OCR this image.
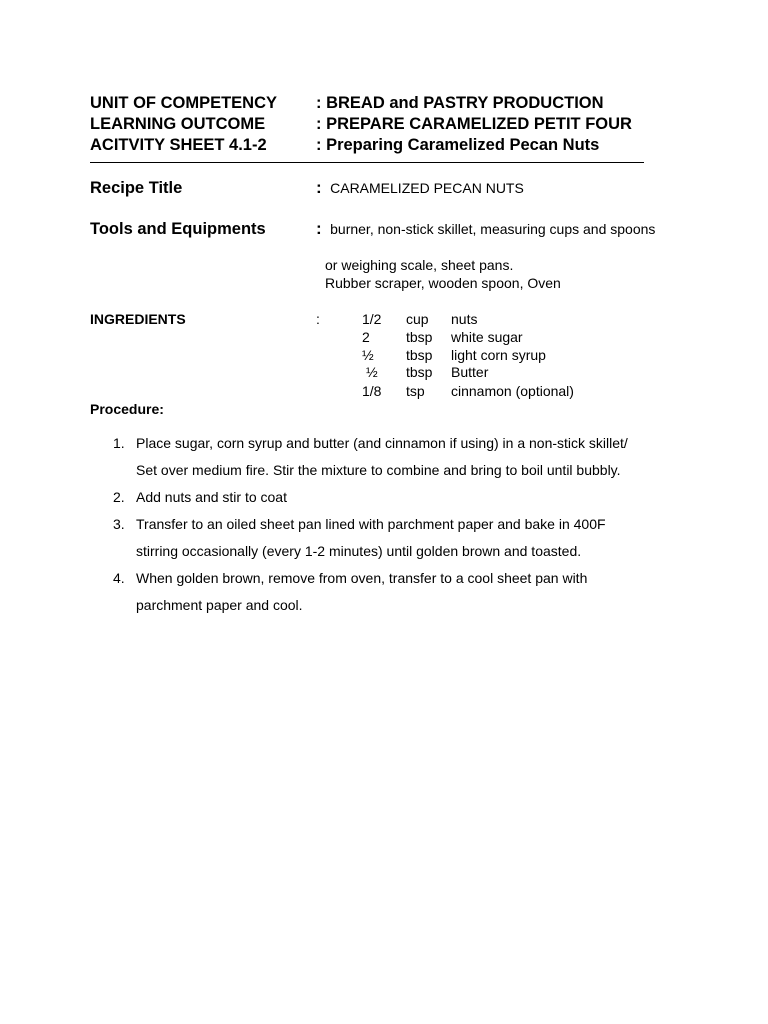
UNIT OF COMPETENCY : BREAD and PASTRY PRODUCTION
LEARNING OUTCOME	: PREPARE CARAMELIZED PETIT FOUR
ACITVITY SHEET 4.1-2	: Preparing Caramelized Pecan Nuts
Recipe Title	: CARAMELIZED PECAN NUTS
Tools and Equipments	: burner, non-stick skillet, measuring cups and spoons
or weighing scale, sheet pans.
Rubber scraper, wooden spoon, Oven
INGREDIENTS	:	1/2 cup nuts
2	tbsp white sugar
½ tbsp light corn syrup
½ tbsp Butter
1/8 tsp cinnamon (optional)
Procedure:
1. Place sugar, corn syrup and butter (and cinnamon if using) in a non-stick skillet/
Set over medium fire. Stir the mixture to combine and bring to boil until bubbly.
2. Add nuts and stir to coat
3. Transfer to an oiled sheet pan lined with parchment paper and bake in 400F
stirring occasionally (every 1-2 minutes) until golden brown and toasted.
4. When golden brown, remove from oven, transfer to a cool sheet pan with
parchment paper and cool.
